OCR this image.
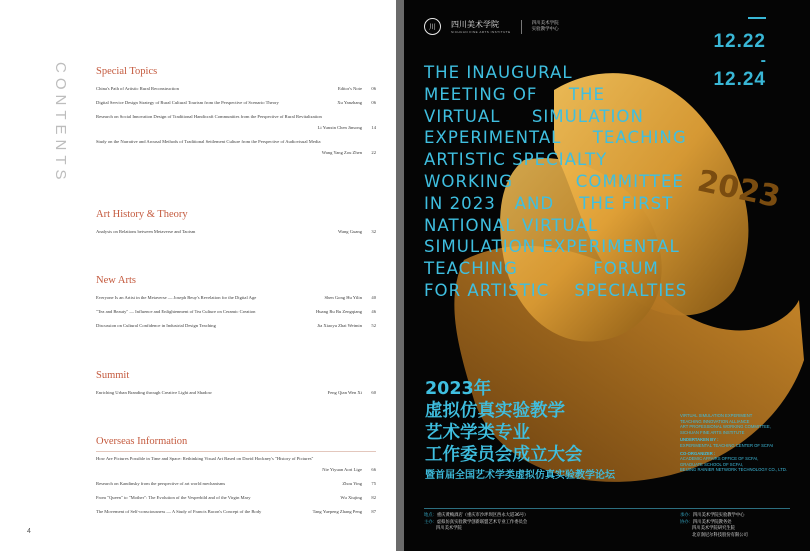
CONTENTS
4
Special Topics
China's Path of Artistic Rural Reconstruction	Editor's Note	06
Digital Service Design Strategy of Rural Cultural Tourism from the Perspective of Scenario Theory	Xu Yanzhang	06
Research on Social Innovation Design of Traditional Handicraft Communities from the Perspective of Rural Revitalization
Li Yunxin Chen Jinsong	14
Study on the Narrative and Arousal Methods of Traditional Settlement Culture from the Perspective of Audiovisual Media
Wang Yang Zou Zhen	22
Art History & Theory
Analysis on Relations between Metaverse and Taoism	Wang Guang	32
New Arts
Everyone Is an Artist in the Metaverse — Joseph Beuy's Revelation for the Digital Age	Shen Gong Hu Yilin	40
"Tea and Beauty" — Influence and Enlightenment of Tea Culture on Ceramic Creation	Huang Ru Bu Zengqiang	46
Discussion on Cultural Confidence in Industrial Design Teaching	Jia Xiaoyu Zhai Weimin	52
Summit
Enriching Urban Branding through Creative Light and Shadow	Feng Qian Wen Xi	60
Overseas Information
How Are Pictures Possible in Time and Space: Rethinking Visual Art Based on David Hockney's "History of Pictures"
Nie Yiyuan Aori Lige	66
Research on Kandinsky from the perspective of art world mechanisms	Zhou Ying	75
From "Queen" to "Mother": The Evolution of the Vesperbild and of the Virgin Mary	Wu Xiujing	82
The Movement of Self-consciousness — A Study of Francis Bacon's Concept of the Body	Tang Yuepeng Zhang Peng	87
2023
川	四川美术学院
SICHUAN FINE ARTS INSTITUTE
四川美术学院
实验教学中心
12.22
-
12.24
THE INAUGURAL
MEETING OF     THE
VIRTUAL     SIMULATION
EXPERIMENTAL     TEACHING
ARTISTIC SPECIALTY
WORKING          COMMITTEE
IN 2023   AND    THE FIRST
NATIONAL VIRTUAL
SIMULATION EXPERIMENTAL
TEACHING            FORUM
FOR ARTISTIC    SPECIALTIES
2023年
虚拟仿真实验教学
艺术学类专业
工作委员会成立大会
暨首届全国艺术学类虚拟仿真实验教学论坛
VIRTUAL SIMULATION EXPERIMENT
TEACHING INNOVATION ALLIANCE
ART PROFESSIONAL WORKING COMMITTEE,
SICHUAN FINE ARTS INSTITUTE
UNDERTAKEN BY :
EXPERIMENTAL TEACHING CENTER OF SCFAI
CO-ORGANIZER :
ACADEMIC AFFAIRS OFFICE OF SCFAI,
GRADUATE SCHOOL OF SCFAI,
BEIJING RAINIER NETWORK TECHNOLOGY CO., LTD.
地点：重庆黄桷酒店（重庆市沙坪坝区西永大道36号）
主办：虚拟仿真实验教学创新联盟艺术专业工作委员会
四川美术学院
承办：四川美术学院实验教学中心
协办：四川美术学院教务处
四川美术学院研究生院
北京润尼尔科技股份有限公司
